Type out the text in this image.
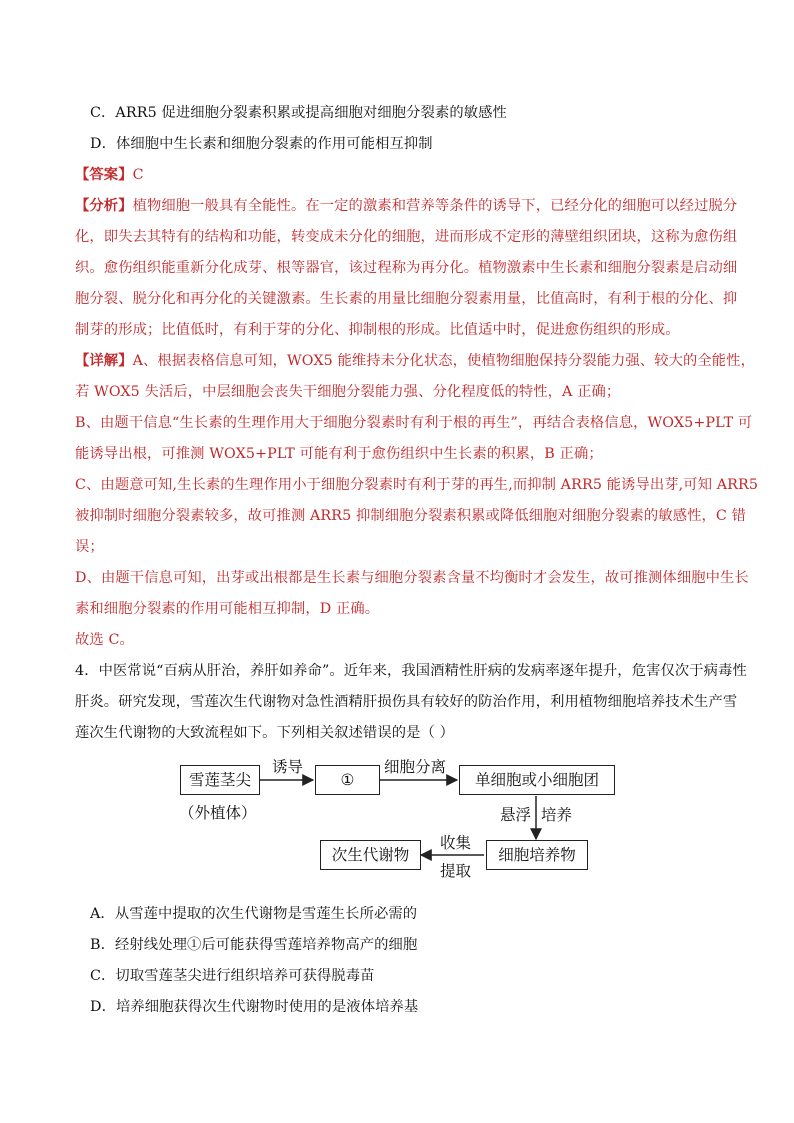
C．ARR5 促进细胞分裂素积累或提高细胞对细胞分裂素的敏感性
D．体细胞中生长素和细胞分裂素的作用可能相互抑制
【答案】C
【分析】植物细胞一般具有全能性。在一定的激素和营养等条件的诱导下，已经分化的细胞可以经过脱分
化，即失去其特有的结构和功能，转变成未分化的细胞，进而形成不定形的薄壁组织团块，这称为愈伤组
织。愈伤组织能重新分化成芽、根等器官，该过程称为再分化。植物激素中生长素和细胞分裂素是启动细
胞分裂、脱分化和再分化的关键激素。生长素的用量比细胞分裂素用量，比值高时，有利于根的分化、抑
制芽的形成；比值低时，有利于芽的分化、抑制根的形成。比值适中时，促进愈伤组织的形成。
【详解】A、根据表格信息可知，WOX5 能维持未分化状态，使植物细胞保持分裂能力强、较大的全能性，
若 WOX5 失活后，中层细胞会丧失干细胞分裂能力强、分化程度低的特性，A 正确；
B、由题干信息“生长素的生理作用大于细胞分裂素时有利于根的再生”，再结合表格信息，WOX5+PLT 可
能诱导出根，可推测 WOX5+PLT 可能有利于愈伤组织中生长素的积累，B 正确；
C、由题意可知,生长素的生理作用小于细胞分裂素时有利于芽的再生,而抑制 ARR5 能诱导出芽,可知 ARR5
被抑制时细胞分裂素较多，故可推测 ARR5 抑制细胞分裂素积累或降低细胞对细胞分裂素的敏感性，C 错
误；
D、由题干信息可知，出芽或出根都是生长素与细胞分裂素含量不均衡时才会发生，故可推测体细胞中生长
素和细胞分裂素的作用可能相互抑制，D 正确。
故选 C。
4．中医常说“百病从肝治，养肝如养命”。近年来，我国酒精性肝病的发病率逐年提升，危害仅次于病毒性
肝炎。研究发现，雪莲次生代谢物对急性酒精肝损伤具有较好的防治作用，利用植物细胞培养技术生产雪
莲次生代谢物的大致流程如下。下列相关叙述错误的是（ ）
雪莲茎尖
（外植体）
诱导
①
细胞分离
单细胞或小细胞团
悬浮 培养
细胞培养物
收集
提取
次生代谢物
A．从雪莲中提取的次生代谢物是雪莲生长所必需的
B．经射线处理①后可能获得雪莲培养物高产的细胞
C．切取雪莲茎尖进行组织培养可获得脱毒苗
D．培养细胞获得次生代谢物时使用的是液体培养基
